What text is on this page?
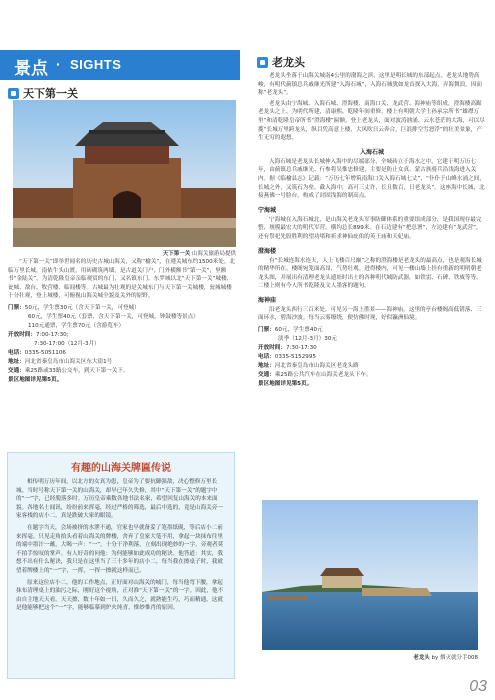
景点 · SIGHTS
天下第一关
天下第一关 山海关旅游局提供

“天下第一关”即举世闻名的历史古城山海关，又称“榆关”，在遵关城东约1500米处。北临万里长城，南依牛头山渡，用砖砌筑两墙，是古道关门户，门外横额书“第一关”，里额书“金陆关”，为清乾隆皇帝亲临观赏的东门，又名镇东门。东罗城以北“天下第一关”城楼、瓮城、敌台、牧营楼、临闾楼等。古城最为壮观的是关城东门与天下第一关城楼，瓮城城楼十分壮观，登上城楼，可俯视山海关城全貌及关外的原野。

门票：50元，学生票30元（含天下第一关，可登城）

60元，学生票40元（套票，含天下第一关，可登城，钟鼓楼等景点）

110元通票，学生票70元（含游览车）

开放时间：7:00-17:30;

7:30-17:00（12月-3月）

电话：0335-5051106

地址：河北省秦皇岛市山海关区东大街1号

交通：乘25路或33路公交车，到天下第一关下。

景区地图详见第5页。

有趣的山海关牌匾传说

相传明万历年间，以北方的女真为患，皇帝为了要抗御强敌，决心整修万里长城。当时号称天下第一关的山海关，却早已年久失修，其中“天下第一关”的题字中的“一”字，已经脱落多时。万历皇帝乘数各地书法名家，希望回复山海关的本来面貌。各地名士闻讯，纷纷前来挥毫，经过严格的筛选，最后中选的，竟是山海关旁一家客栈的店小二，真是跌破大家的眼镜。

在题字当天，会场被挤的水泄不通，官家也早就备妥了笔墨纸砚，等后店小二前来挥毫。只见走角拾头看着山海关的牌楼，舍弃了皇家大笔不用，拿起一块抹布往里的端中墨汁一蘸，大喝一声：“一”，十分干净利落，立刻出现绝妙的一字。旁观者莫不拍手惊叹的掌声。有人好奇的问他：为何能够如此成功的秘诀。他答道：其实，我想不出有什么秘诀，我只是在这里当了三十多年的店小二，每当我在擦桌子时，我就望着牌楼上的“一”字，一挥，一挥一擦就这样而已。

原来这位店小二，他的工作地点，正好面对山海关的城门，每当他弯下腰，拿起抹布清理桌上的油污之际，刚好这个视角，正对准“天下第一关”的一字。因此，他不由自主地天天看，天天擦，数十年如一日，久而久之，就熟能生巧，巧而精通，这就是他能够把这个“一”字，能够临摹到炉火纯青，惟妙惟肖的原因。

老龙头

老龙头坐落于山海关城南4公里的渤海之滨，这里是明长城的东部起点，老龙头地势高峻，有明代蓟镇总兵戚继光所建“入海石城”，入海石城犹如龙首探入大海，弄海舞浪，因而称“老龙头”。

老龙头由宁海城、入海石城、澄海楼、南海口关、龙武营、海神庙等组成，澄海楼高踞老龙头之上，为明代所建，清康熙、乾隆年间重修，楼上有明朝大学士孙承宗所书“雄襟万里”和清乾隆皇帝所书“澄海楼”匾额。登上老龙头，面对波涛汹涌、云水苍茫的大海，可以尽揽“长城万里跨龙头，纵目凭高意上楼，大风吹日云奔合，巨浪排空雪怒浮”的壮美景象，产生无穷的遐想。

入海石城

入海石城是老龙头长城伸入海中的尽端部分，全城砖立于海水之中。它建于明万历七年，由蓟镇总兵戚继光、行参将吴惟忠修建，主要是防止女真、蒙古族骑兵沿浅海进入关内。据《临榆县志》记载：“万历七年增筑南海口关入海石城七丈”，“仆仆于山峰水涌之间，长城之外，又筑石为垒，截入海中，高可三丈许，长且数百，日老龙头”。这座海中长城，北接燕佛一号脸台，构成了封固浅海的制高点。

宁海城

宁海城在入海石城北，是山海关老龙头军事防御体系的重要组成部分，是我国现存最完整、规模最宏大的明代军营，横均总长899米。在石边建有“把总署”，左边建有“龙武营”，还有祭祀先股胜利的望功堵和祈求神仙庇佑的英王庙和天妃庙。

澄海楼

有“长城连海水连天，人上飞楼百尺巅”之称的澄海楼是老龙头的最高点，也是观海长城的精华所在。楼阁宛笼面高昂，气势壮观。进得楼内，可见一楼山墙上挂有重新的明明朝老龙头图，并展出有清理老龙头遗址时出土的各种明代城防武器，如铁雷、石碑、铁威等等。二楼上则有今人所书乾隆及文人墨客的题句。

海神庙

沿老龙头西行三百米处，可见另一海上胜景——海神庙。这里的亭台楼阁高低错落、三面环水，碧海沙波。每当云雾缭绕，便仿佛时现，好似瀛洲仙境。

门票：60元，学生票40元

淡季（12月-3月）30元

开放时间：7:30-17:30

电话：0335-5152995

地址：河北省秦皇岛市山海关区老龙头路

交通：乘25路公共汽车在山海关老龙头下车。

景区地图详见第5页。

老龙头 by 烟灭就分手008
03
